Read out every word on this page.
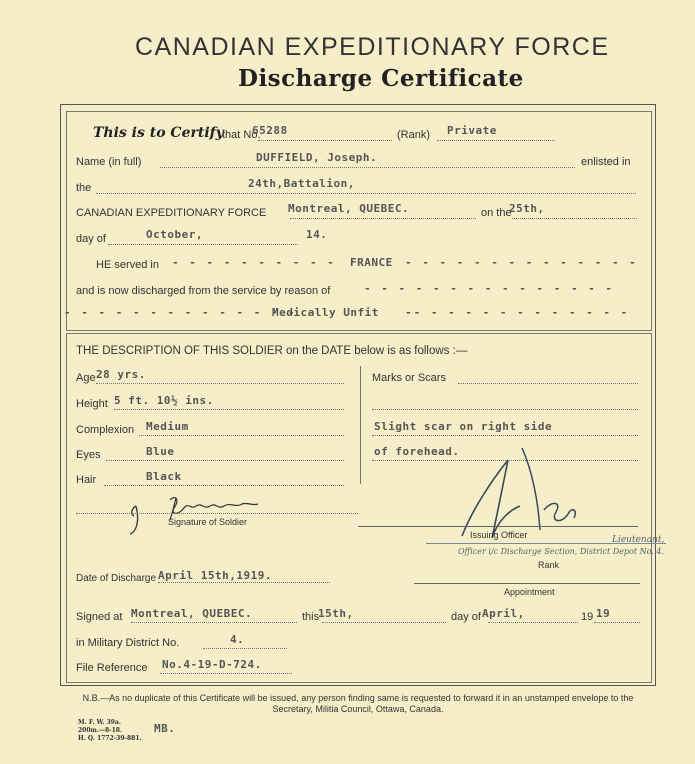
CANADIAN EXPEDITIONARY FORCE
Discharge Certificate
This is to Certify
that No.
65288	(Rank) Private
Name (in full)	DUFFIELD, Joseph.	enlisted in
the	24th,Battalion,
CANADIAN EXPEDITIONARY FORCE Montreal, QUEBEC.	on the
25th,
day of	October,	14.
HE served in - - - - - - - - - - FRANCE - - - - - - - - - - - - - -
and is now discharged from the service by reason of	- - - - - - - - - - - - - - -
- - - - - - - - - - - - - -
Medically Unfit -- - - - - - - - - - - - -
THE DESCRIPTION OF THIS SOLDIER on the DATE below is as follows :—
Age 28 yrs.
Height 5 ft. 10½ ins.
Complexion Medium
Eyes	Blue
Hair	Black
Marks or Scars
Slight scar on right side
of forehead.
Signature of Soldier
Issuing Officer	Lieutenant,
Officer i/c Discharge Section, District Depot No. 4.
Rank
Date of Discharge April 15th,1919.
Appointment
Signed at Montreal, QUEBEC.	this
15th,	day of April,	19 19
in Military District No.	4.
File Reference No.4-19-D-724.
N.B.—As no duplicate of this Certificate will be issued, any person finding same is requested to forward it in an unstamped envelope to the Secretary, Militia Council, Ottawa, Canada.
M. F. W. 39a.
200m.—8-18.
H. Q. 1772-39-881.
MB.
